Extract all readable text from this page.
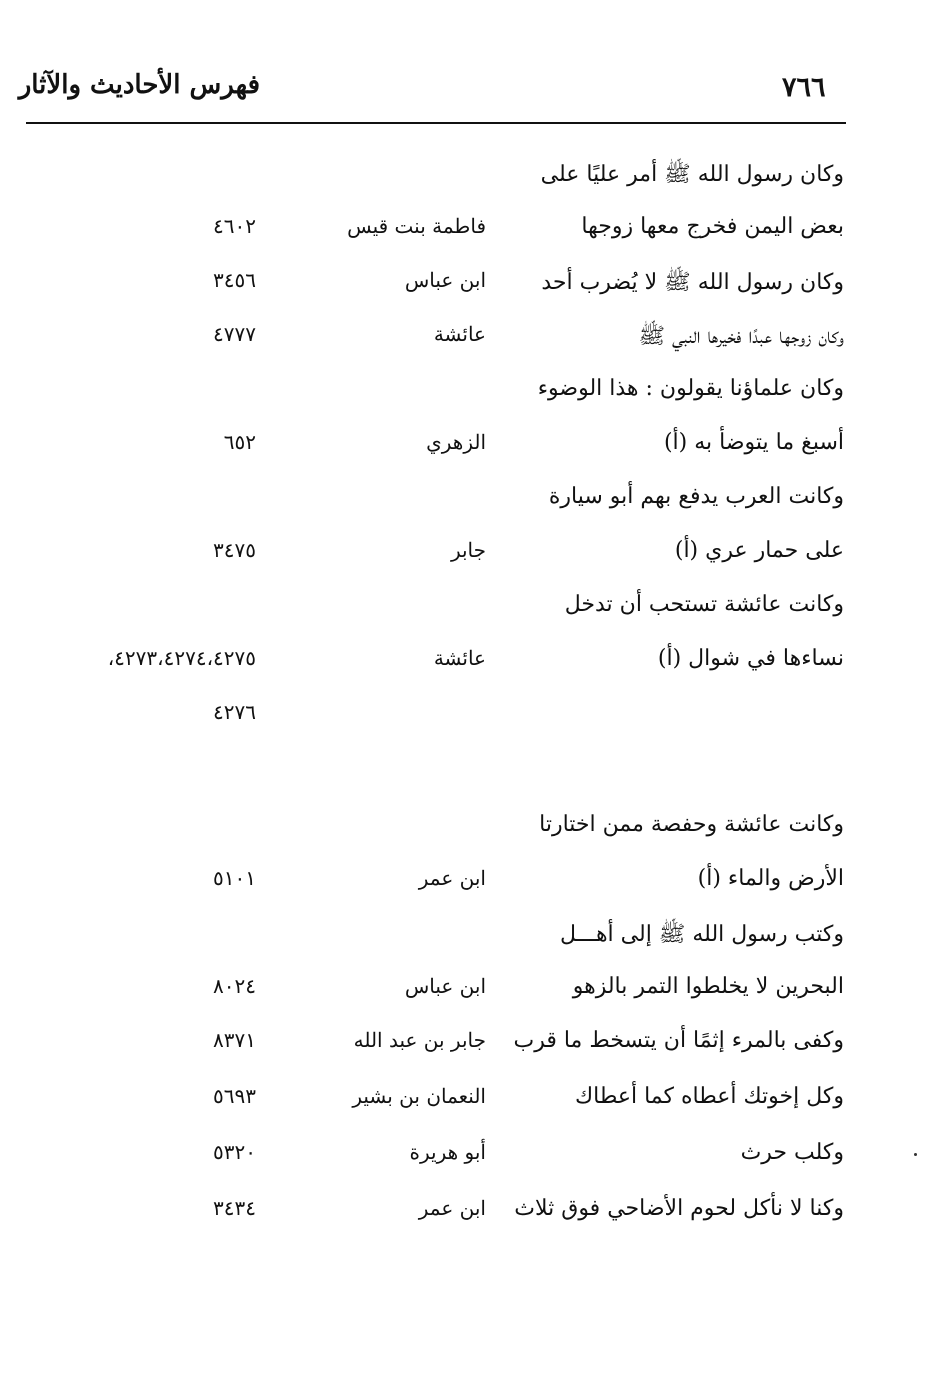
٧٦٦
فهرس الأحاديث والآثار
وكان رسول الله ﷺ أمر عليًا على
بعض اليمن فخرج معها زوجها
فاطمة بنت قيس
٤٦٠٢
وكان رسول الله ﷺ لا يُضرب أحد
ابن عباس
٣٤٥٦
وكان زوجها عبدًا فخيرها النبي ﷺ
عائشة
٤٧٧٧
وكان علماؤنا يقولون : هذا الوضوء
أسبغ ما يتوضأ به (أ)
الزهري
٦٥٢
وكانت العرب يدفع بهم أبو سيارة
على حمار عري (أ)
جابر
٣٤٧٥
وكانت عائشة تستحب أن تدخل
نساءها في شوال (أ)
عائشة
٤٢٧٣،٤٢٧٤،٤٢٧٥،
٤٢٧٦
وكانت عائشة وحفصة ممن اختارتا
الأرض والماء (أ)
ابن عمر
٥١٠١
وكتب رسول الله ﷺ إلى أهـــل
البحرين لا يخلطوا التمر بالزهو
ابن عباس
٨٠٢٤
وكفى بالمرء إثمًا أن يتسخط ما قرب
جابر بن عبد الله
٨٣٧١
وكل إخوتك أعطاه كما أعطاك
النعمان بن بشير
٥٦٩٣
وكلب حرث
أبو هريرة
٥٣٢٠
وكنا لا نأكل لحوم الأضاحي فوق ثلاث
ابن عمر
٣٤٣٤
